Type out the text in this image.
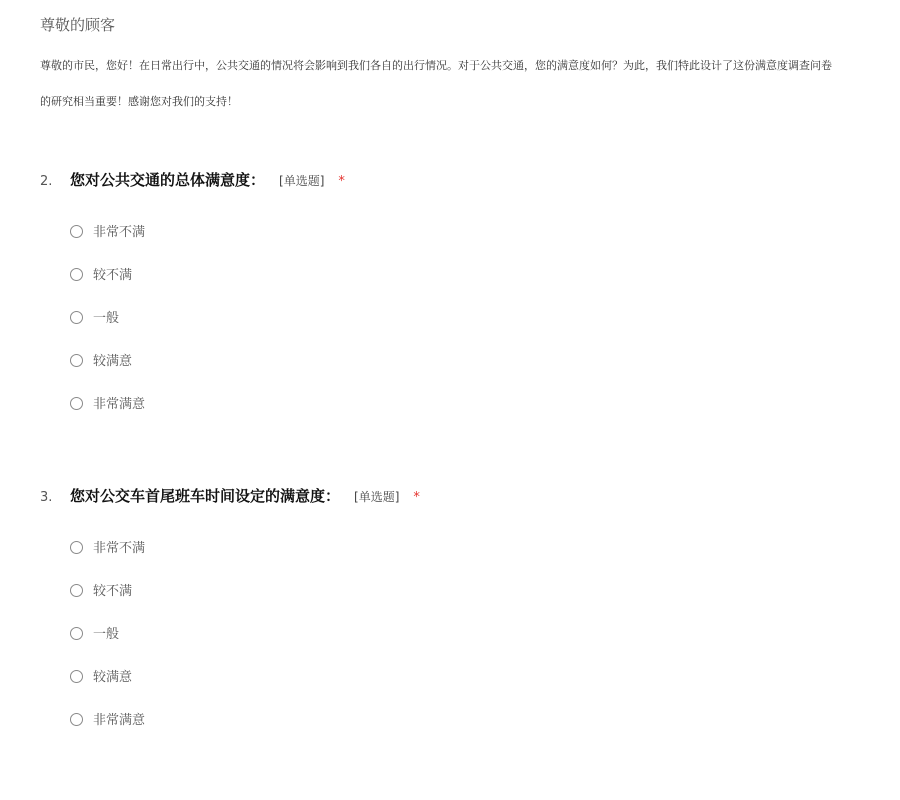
尊敬的顾客
尊敬的市民，您好！在日常出行中，公共交通的情况将会影响到我们各自的出行情况。对于公共交通，您的满意度如何？为此，我们特此设计了这份满意度调查问卷
的研究相当重要！感谢您对我们的支持！
2. 您对公共交通的总体满意度： [单选题] *
非常不满
较不满
一般
较满意
非常满意
3. 您对公交车首尾班车时间设定的满意度： [单选题] *
非常不满
较不满
一般
较满意
非常满意
